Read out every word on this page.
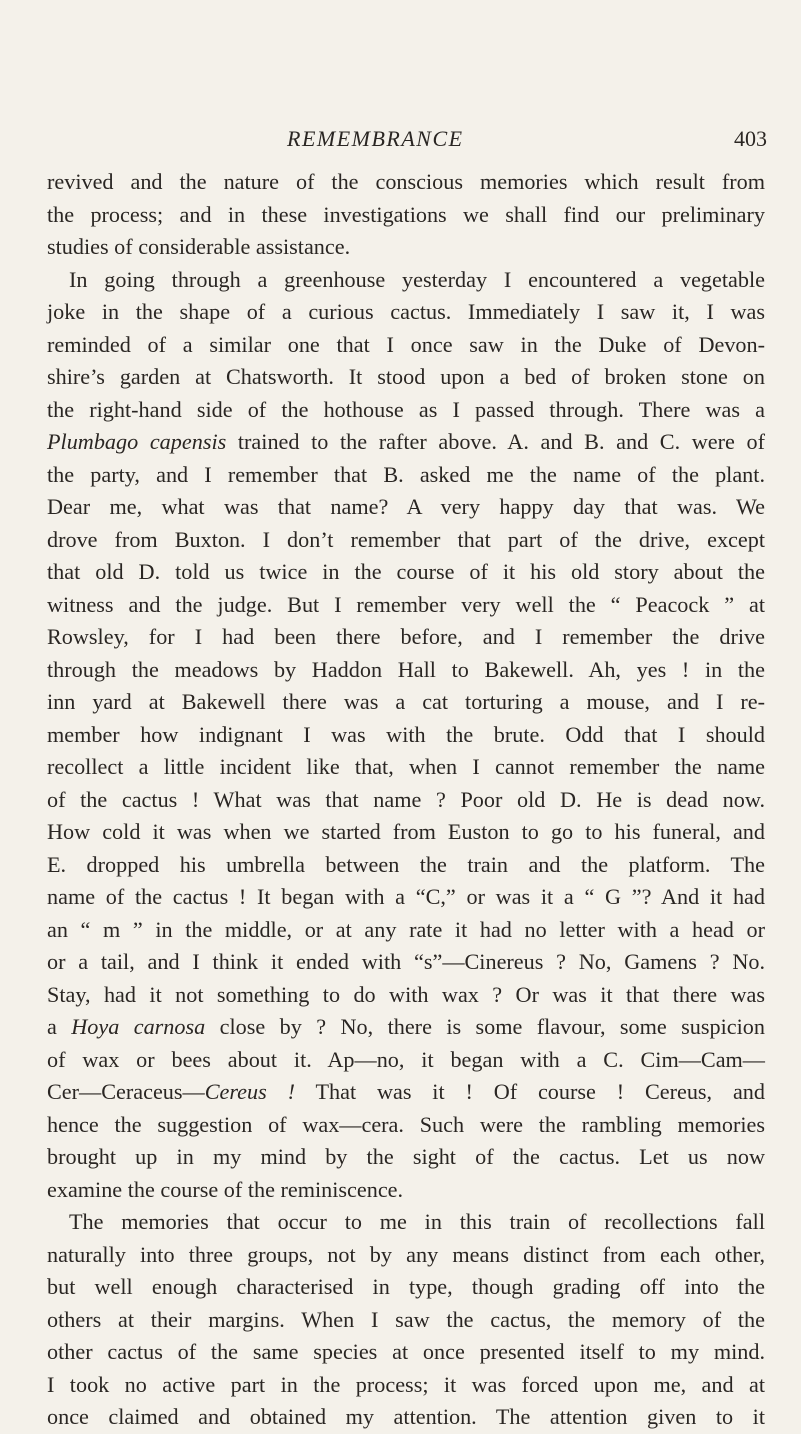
REMEMBRANCE	403
revived and the nature of the conscious memories which result from
the process; and in these investigations we shall find our preliminary
studies of considerable assistance.
In going through a greenhouse yesterday I encountered a vegetable
joke in the shape of a curious cactus. Immediately I saw it, I was
reminded of a similar one that I once saw in the Duke of Devon-
shire’s garden at Chatsworth. It stood upon a bed of broken stone on
the right-hand side of the hothouse as I passed through. There was a
Plumbago capensis trained to the rafter above. A. and B. and C. were of
the party, and I remember that B. asked me the name of the plant.
Dear me, what was that name? A very happy day that was. We
drove from Buxton. I don’t remember that part of the drive, except
that old D. told us twice in the course of it his old story about the
witness and the judge. But I remember very well the “ Peacock ” at
Rowsley, for I had been there before, and I remember the drive
through the meadows by Haddon Hall to Bakewell. Ah, yes ! in the
inn yard at Bakewell there was a cat torturing a mouse, and I re-
member how indignant I was with the brute. Odd that I should
recollect a little incident like that, when I cannot remember the name
of the cactus ! What was that name ? Poor old D. He is dead now.
How cold it was when we started from Euston to go to his funeral, and
E. dropped his umbrella between the train and the platform. The
name of the cactus ! It began with a “C,” or was it a “ G ”? And it had
an “ m ” in the middle, or at any rate it had no letter with a head or
or a tail, and I think it ended with “s”—Cinereus ? No, Gamens ? No.
Stay, had it not something to do with wax ? Or was it that there was
a Hoya carnosa close by ? No, there is some flavour, some suspicion
of wax or bees about it. Ap—no, it began with a C. Cim—Cam—
Cer—Ceraceus—Cereus ! That was it ! Of course ! Cereus, and
hence the suggestion of wax—cera. Such were the rambling memories
brought up in my mind by the sight of the cactus. Let us now
examine the course of the reminiscence.
The memories that occur to me in this train of recollections fall
naturally into three groups, not by any means distinct from each other,
but well enough characterised in type, though grading off into the
others at their margins. When I saw the cactus, the memory of the
other cactus of the same species at once presented itself to my mind.
I took no active part in the process; it was forced upon me, and at
once claimed and obtained my attention. The attention given to it
